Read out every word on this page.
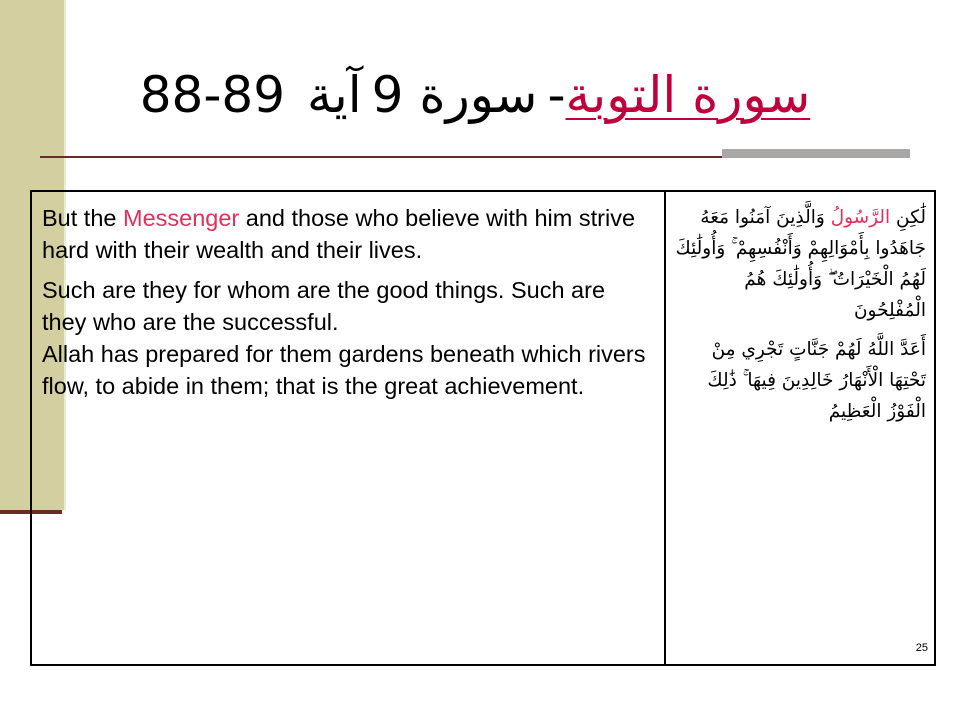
88-89 آية سورة 9 - سورة التوبة

But the Messenger and those who believe with him strive hard with their wealth and their lives.

Such are they for whom are the good things. Such are they who are the successful.

Allah has prepared for them gardens beneath which rivers flow, to abide in them; that is the great achievement.

لَٰكِنِ الرَّسُولُ وَالَّذِينَ آمَنُوا مَعَهُ جَاهَدُوا بِأَمْوَالِهِمْ وَأَنْفُسِهِمْ ۚ وَأُولَٰئِكَ لَهُمُ الْخَيْرَاتُ ۖ وَأُولَٰئِكَ هُمُ الْمُفْلِحُونَ

أَعَدَّ اللَّهُ لَهُمْ جَنَّاتٍ تَجْرِي مِنْ تَحْتِهَا الْأَنْهَارُ خَالِدِينَ فِيهَا ۚ ذَٰلِكَ الْفَوْزُ الْعَظِيمُ

25
